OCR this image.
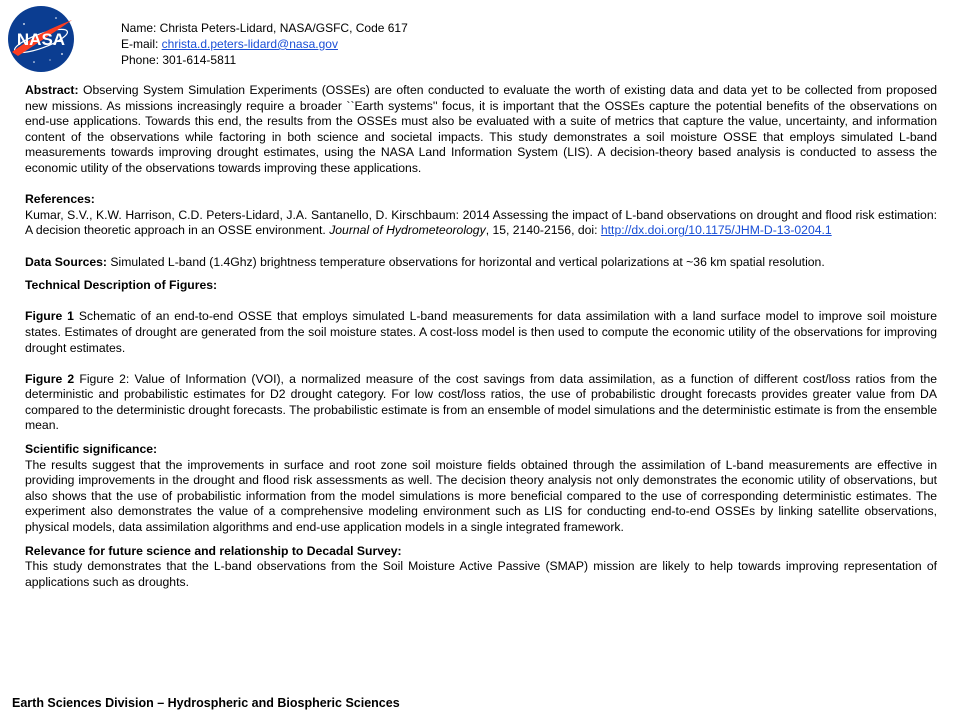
NASA
Name: Christa Peters-Lidard, NASA/GSFC, Code 617
E-mail: christa.d.peters-lidard@nasa.gov
Phone: 301-614-5811

Abstract: Observing System Simulation Experiments (OSSEs) are often conducted to evaluate the worth of existing data and data yet to be collected from proposed new missions. As missions increasingly require a broader ``Earth systems'' focus, it is important that the OSSEs capture the potential benefits of the observations on end-use applications. Towards this end, the results from the OSSEs must also be evaluated with a suite of metrics that capture the value, uncertainty, and information content of the observations while factoring in both science and societal impacts. This study demonstrates a soil moisture OSSE that employs simulated L-band measurements towards improving drought estimates, using the NASA Land Information System (LIS). A decision-theory based analysis is conducted to assess the economic utility of the observations towards improving these applications.

References:

Kumar, S.V., K.W. Harrison, C.D. Peters-Lidard, J.A. Santanello, D. Kirschbaum: 2014 Assessing the impact of L-band observations on drought and flood risk estimation: A decision theoretic approach in an OSSE environment. Journal of Hydrometeorology, 15, 2140-2156, doi: http://dx.doi.org/10.1175/JHM-D-13-0204.1

Data Sources: Simulated L-band (1.4Ghz) brightness temperature observations for horizontal and vertical polarizations at ~36 km spatial resolution.

Technical Description of Figures:

Figure 1 Schematic of an end-to-end OSSE that employs simulated L-band measurements for data assimilation with a land surface model to improve soil moisture states. Estimates of drought are generated from the soil moisture states. A cost-loss model is then used to compute the economic utility of the observations for improving drought estimates.

Figure 2 Figure 2: Value of Information (VOI), a normalized measure of the cost savings from data assimilation, as a function of different cost/loss ratios from the deterministic and probabilistic estimates for D2 drought category. For low cost/loss ratios, the use of probabilistic drought forecasts provides greater value from DA compared to the deterministic drought forecasts. The probabilistic estimate is from an ensemble of model simulations and the deterministic estimate is from the ensemble mean.

Scientific significance:

The results suggest that the improvements in surface and root zone soil moisture fields obtained through the assimilation of L-band measurements are effective in providing improvements in the drought and flood risk assessments as well. The decision theory analysis not only demonstrates the economic utility of observations, but also shows that the use of probabilistic information from the model simulations is more beneficial compared to the use of corresponding deterministic estimates. The experiment also demonstrates the value of a comprehensive modeling environment such as LIS for conducting end-to-end OSSEs by linking satellite observations, physical models, data assimilation algorithms and end-use application models in a single integrated framework.

Relevance for future science and relationship to Decadal Survey:

This study demonstrates that the L-band observations from the Soil Moisture Active Passive (SMAP) mission are likely to help towards improving representation of applications such as droughts.

Earth Sciences Division – Hydrospheric and Biospheric Sciences
